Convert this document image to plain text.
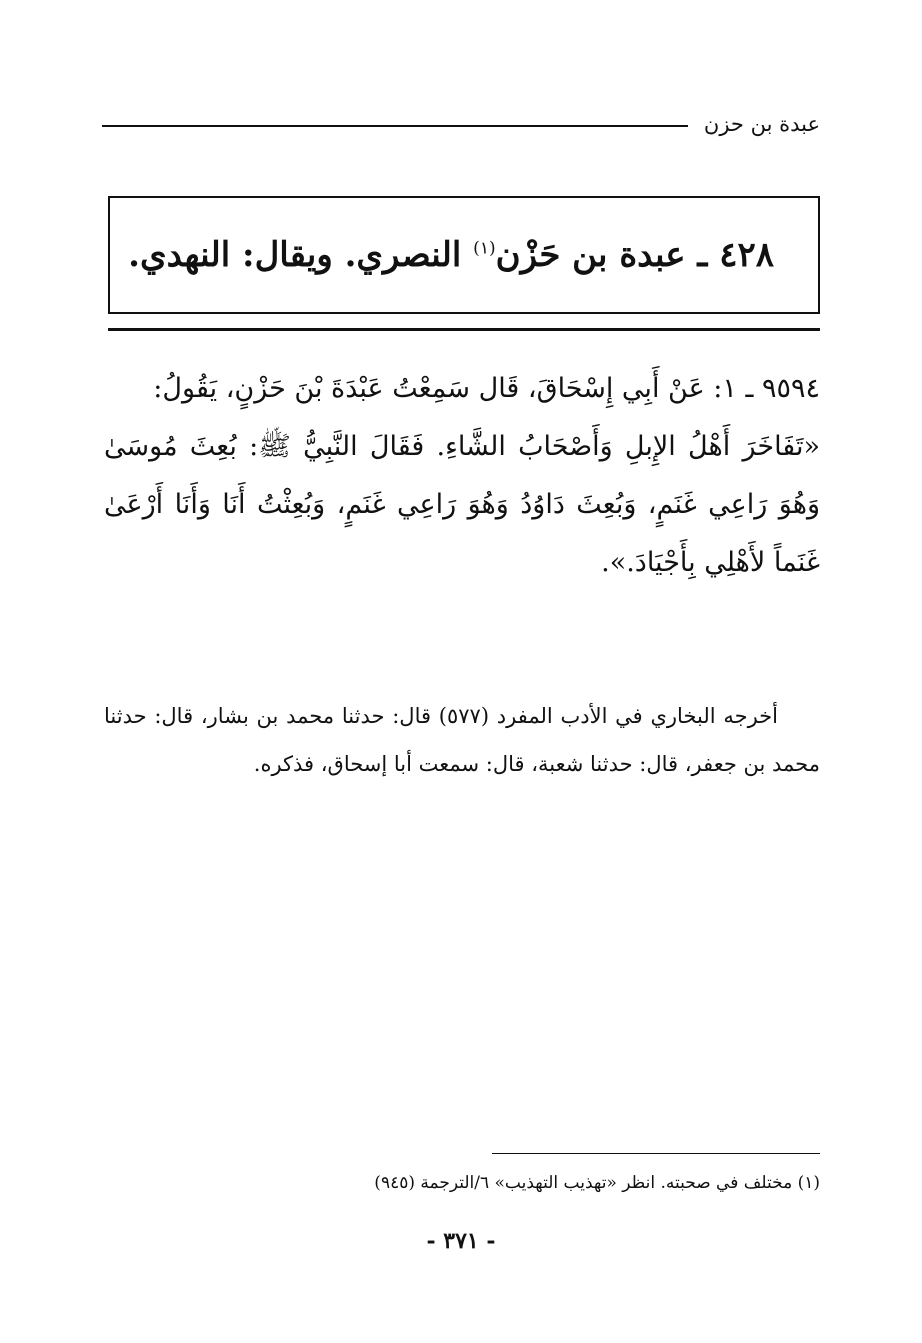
عبدة بن حزن
٤٢٨ ـ عبدة بن حَزْن$^{(١)}$ النصري. ويقال: النهدي.

٩٥٩٤ ـ ١: عَنْ أَبِي إِسْحَاقَ، قَال سَمِعْتُ عَبْدَةَ بْنَ حَزْنٍ، يَقُولُ:

«تَفَاخَرَ أَهْلُ الإِبلِ وَأَصْحَابُ الشَّاءِ. فَقَالَ النَّبِيُّ ﷺ: بُعِثَ مُوسَىٰ وَهُوَ رَاعِي غَنَمٍ، وَبُعِثَ دَاوُدُ وَهُوَ رَاعِي غَنَمٍ، وَبُعِثْتُ أَنَا وَأَنَا أَرْعَىٰ غَنَماً لأَهْلِي بِأَجْيَادَ.».

أخرجه البخاري في الأدب المفرد (٥٧٧) قال: حدثنا محمد بن بشار، قال: حدثنا محمد بن جعفر، قال: حدثنا شعبة، قال: سمعت أبا إسحاق، فذكره.

(١) مختلف في صحبته. انظر «تهذيب التهذيب» ٦/الترجمة (٩٤٥)

- ٣٧١ -
